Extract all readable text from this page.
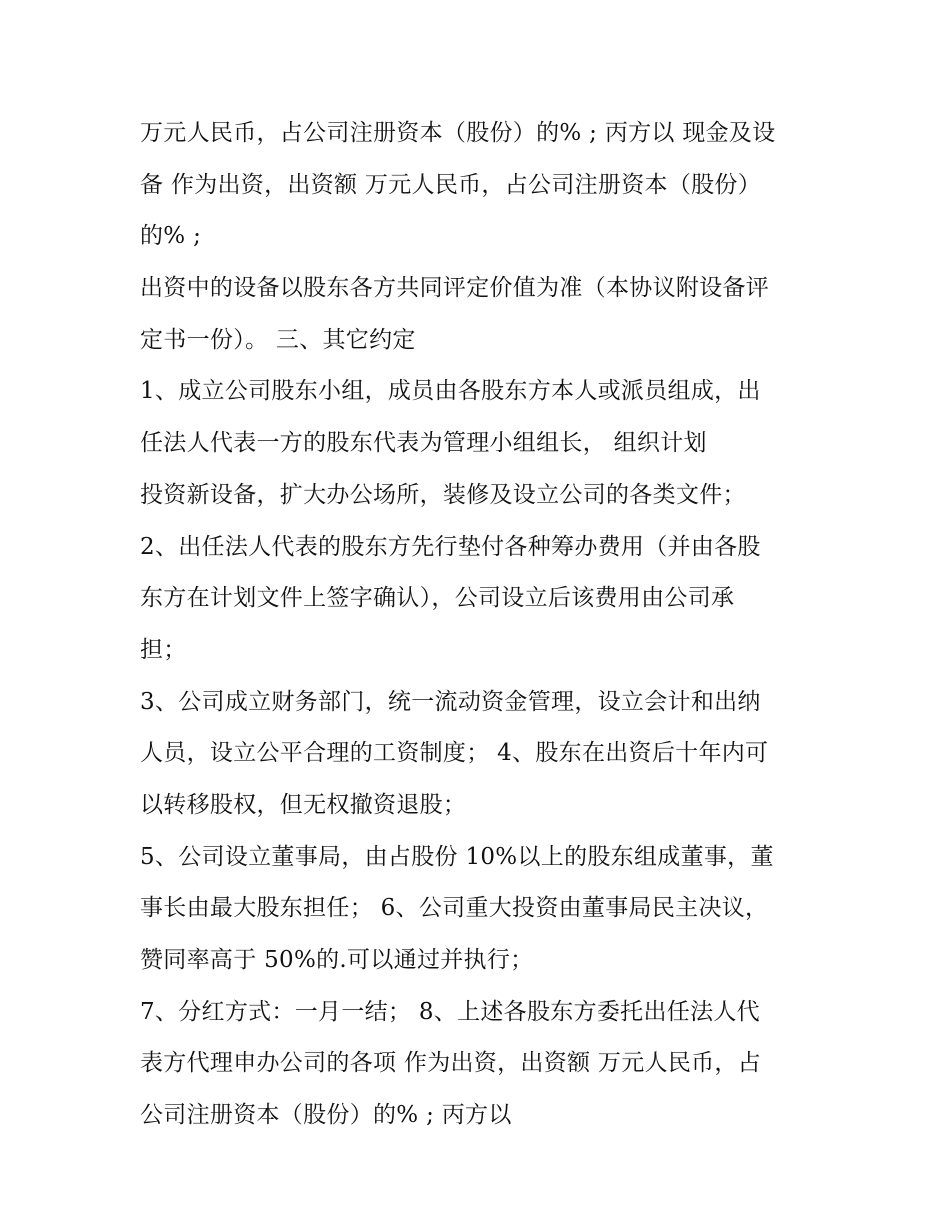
万元人民币，占公司注册资本（股份）的% ; 丙方以 现金及设
备 作为出资，出资额 万元人民币，占公司注册资本（股份）
的% ;
出资中的设备以股东各方共同评定价值为准（本协议附设备评
定书一份）。 三、其它约定
1、成立公司股东小组，成员由各股东方本人或派员组成，出
任法人代表一方的股东代表为管理小组组长， 组织计划
投资新设备，扩大办公场所，装修及设立公司的各类文件；
2、出任法人代表的股东方先行垫付各种筹办费用（并由各股
东方在计划文件上签字确认），公司设立后该费用由公司承
担；
3、公司成立财务部门，统一流动资金管理，设立会计和出纳
人员，设立公平合理的工资制度； 4、股东在出资后十年内可
以转移股权，但无权撤资退股；
5、公司设立董事局，由占股份 10%以上的股东组成董事，董
事长由最大股东担任； 6、公司重大投资由董事局民主决议，
赞同率高于 50%的.可以通过并执行；
7、分红方式：一月一结； 8、上述各股东方委托出任法人代
表方代理申办公司的各项 作为出资，出资额 万元人民币，占
公司注册资本（股份）的% ; 丙方以
